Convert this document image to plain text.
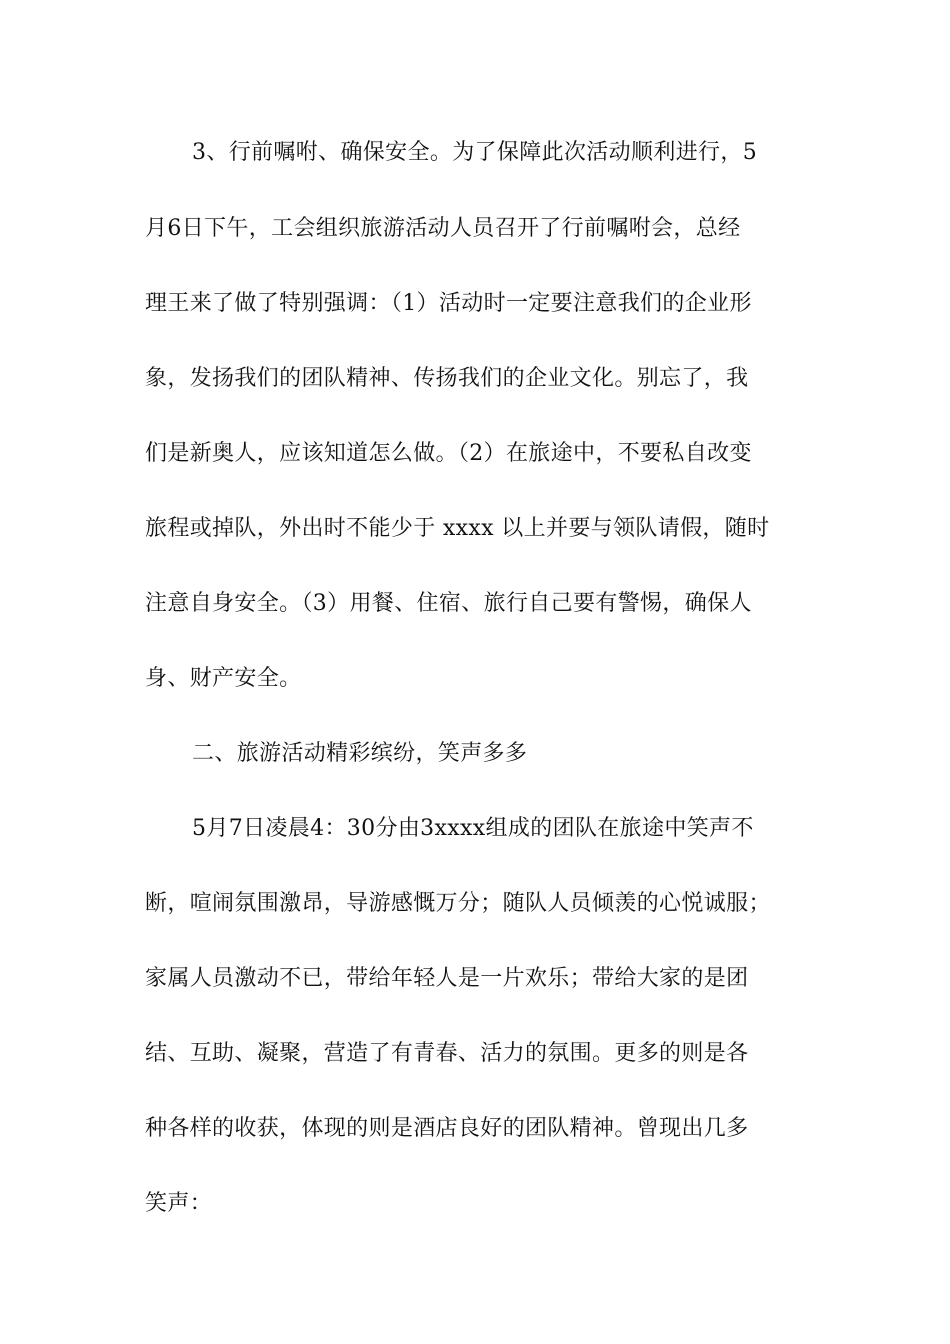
3、行前嘱咐、确保安全。为了保障此次活动顺利进行，5
月6日下午，工会组织旅游活动人员召开了行前嘱咐会，总经
理王来了做了特别强调：（1）活动时一定要注意我们的企业形
象，发扬我们的团队精神、传扬我们的企业文化。别忘了，我
们是新奥人，应该知道怎么做。（2）在旅途中，不要私自改变
旅程或掉队，外出时不能少于 xxxx 以上并要与领队请假，随时
注意自身安全。（3）用餐、住宿、旅行自己要有警惕，确保人
身、财产安全。
二、旅游活动精彩缤纷，笑声多多
5月7日凌晨4：30分由3xxxx组成的团队在旅途中笑声不
断，喧闹氛围激昂，导游感慨万分；随队人员倾羡的心悦诚服；
家属人员激动不已，带给年轻人是一片欢乐；带给大家的是团
结、互助、凝聚，营造了有青春、活力的氛围。更多的则是各
种各样的收获，体现的则是酒店良好的团队精神。曾现出几多
笑声：
